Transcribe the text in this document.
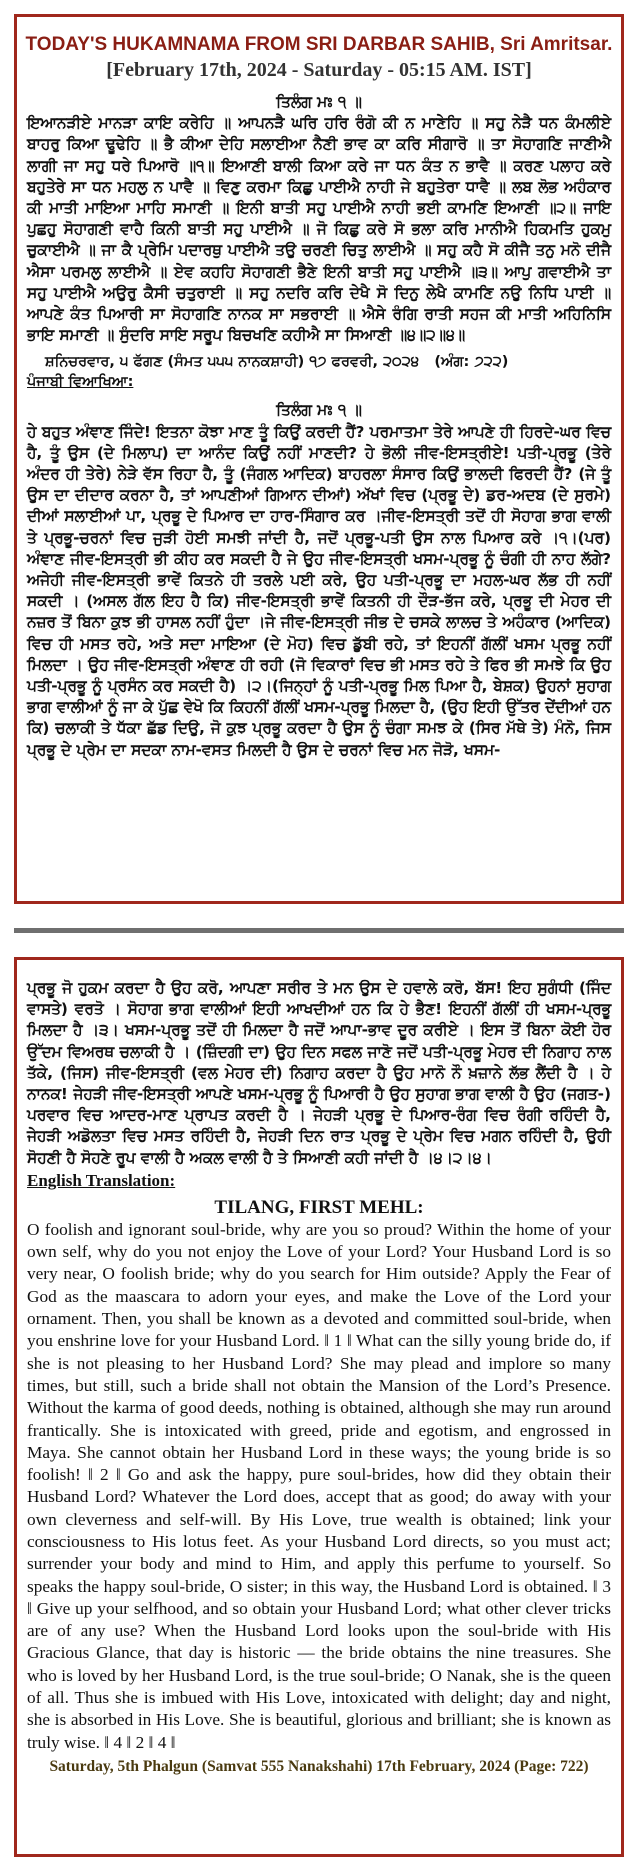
TODAY'S HUKAMNAMA FROM SRI DARBAR SAHIB, Sri Amritsar.
[February 17th, 2024 - Saturday - 05:15 AM. IST]
ਤਿਲੰਗ ਮਃ ੧ ॥
ਇਆਨੜੀਏ ਮਾਨੜਾ ਕਾਇ ਕਰੇਹਿ ॥ ਆਪਨੜੈ ਘਰਿ ਹਰਿ ਰੰਗੋ ਕੀ ਨ ਮਾਣੇਹਿ ॥ ਸਹੁ ਨੇੜੈ ਧਨ ਕੰਮਲੀਏ ਬਾਹਰੁ ਕਿਆ ਢੂਢੇਹਿ ॥ ਭੈ ਕੀਆ ਦੇਹਿ ਸਲਾਈਆ ਨੈਣੀ ਭਾਵ ਕਾ ਕਰਿ ਸੀਗਾਰੋ ॥ ਤਾ ਸੋਹਾਗਣਿ ਜਾਣੀਐ ਲਾਗੀ ਜਾ ਸਹੁ ਧਰੇ ਪਿਆਰੋ ॥੧॥ ਇਆਣੀ ਬਾਲੀ ਕਿਆ ਕਰੇ ਜਾ ਧਨ ਕੰਤ ਨ ਭਾਵੈ ॥ ਕਰਣ ਪਲਾਹ ਕਰੇ ਬਹੁਤੇਰੇ ਸਾ ਧਨ ਮਹਲੁ ਨ ਪਾਵੈ ॥ ਵਿਣੁ ਕਰਮਾ ਕਿਛੁ ਪਾਈਐ ਨਾਹੀ ਜੇ ਬਹੁਤੇਰਾ ਧਾਵੈ ॥ ਲਬ ਲੋਭ ਅਹੰਕਾਰ ਕੀ ਮਾਤੀ ਮਾਇਆ ਮਾਹਿ ਸਮਾਣੀ ॥ ਇਨੀ ਬਾਤੀ ਸਹੁ ਪਾਈਐ ਨਾਹੀ ਭਈ ਕਾਮਣਿ ਇਆਣੀ ॥੨॥ ਜਾਇ ਪੁਛਹੁ ਸੋਹਾਗਣੀ ਵਾਹੈ ਕਿਨੀ ਬਾਤੀ ਸਹੁ ਪਾਈਐ ॥ ਜੋ ਕਿਛੁ ਕਰੇ ਸੋ ਭਲਾ ਕਰਿ ਮਾਨੀਐ ਹਿਕਮਤਿ ਹੁਕਮੁ ਚੁਕਾਈਐ ॥ ਜਾ ਕੈ ਪ੍ਰੇਮਿ ਪਦਾਰਥੁ ਪਾਈਐ ਤਉ ਚਰਣੀ ਚਿਤੁ ਲਾਈਐ ॥ ਸਹੁ ਕਹੈ ਸੋ ਕੀਜੈ ਤਨੁ ਮਨੋ ਦੀਜੈ ਐਸਾ ਪਰਮਲੁ ਲਾਈਐ ॥ ਏਵ ਕਹਹਿ ਸੋਹਾਗਣੀ ਭੈਣੇ ਇਨੀ ਬਾਤੀ ਸਹੁ ਪਾਈਐ ॥੩॥ ਆਪੁ ਗਵਾਈਐ ਤਾ ਸਹੁ ਪਾਈਐ ਅਉਰੁ ਕੈਸੀ ਚਤੁਰਾਈ ॥ ਸਹੁ ਨਦਰਿ ਕਰਿ ਦੇਖੈ ਸੋ ਦਿਨੁ ਲੇਖੈ ਕਾਮਣਿ ਨਉ ਨਿਧਿ ਪਾਈ ॥ ਆਪਣੇ ਕੰਤ ਪਿਆਰੀ ਸਾ ਸੋਹਾਗਣਿ ਨਾਨਕ ਸਾ ਸਭਰਾਈ ॥ ਐਸੇ ਰੰਗਿ ਰਾਤੀ ਸਹਜ ਕੀ ਮਾਤੀ ਅਹਿਨਿਸਿ ਭਾਇ ਸਮਾਣੀ ॥ ਸੁੰਦਰਿ ਸਾਇ ਸਰੂਪ ਬਿਚਖਣਿ ਕਹੀਐ ਸਾ ਸਿਆਣੀ ॥੪॥੨॥੪॥
ਸ਼ਨਿਚਰਵਾਰ, ੫ ਫੱਗਣ (ਸੰਮਤ ੫੫੫ ਨਾਨਕਸ਼ਾਹੀ) ੧੭ ਫਰਵਰੀ, ੨੦੨੪ (ਅੰਗ: ੭੨੨)
ਪੰਜਾਬੀ ਵਿਆਖਿਆ:
ਤਿਲੰਗ ਮਃ ੧ ॥
ਹੇ ਬਹੁਤ ਅੰਞਾਣ ਜਿੰਦੇ! ਇਤਨਾ ਕੋਝਾ ਮਾਣ ਤੂੰ ਕਿਉਂ ਕਰਦੀ ਹੈਂ? ਪਰਮਾਤਮਾ ਤੇਰੇ ਆਪਣੇ ਹੀ ਹਿਰਦੇ-ਘਰ ਵਿਚ ਹੈ, ਤੂੰ ਉਸ (ਦੇ ਮਿਲਾਪ) ਦਾ ਆਨੰਦ ਕਿਉਂ ਨਹੀਂ ਮਾਣਦੀ? ਹੇ ਭੋਲੀ ਜੀਵ-ਇਸਤ੍ਰੀਏ! ਪਤੀ-ਪ੍ਰਭੂ (ਤੇਰੇ ਅੰਦਰ ਹੀ ਤੇਰੇ) ਨੇੜੇ ਵੱਸ ਰਿਹਾ ਹੈ, ਤੂੰ (ਜੰਗਲ ਆਦਿਕ) ਬਾਹਰਲਾ ਸੰਸਾਰ ਕਿਉਂ ਭਾਲਦੀ ਫਿਰਦੀ ਹੈਂ? (ਜੇ ਤੂੰ ਉਸ ਦਾ ਦੀਦਾਰ ਕਰਨਾ ਹੈ, ਤਾਂ ਆਪਣੀਆਂ ਗਿਆਨ ਦੀਆਂ) ਅੱਖਾਂ ਵਿਚ (ਪ੍ਰਭੂ ਦੇ) ਡਰ-ਅਦਬ (ਦੇ ਸੁਰਮੇ) ਦੀਆਂ ਸਲਾਈਆਂ ਪਾ, ਪ੍ਰਭੂ ਦੇ ਪਿਆਰ ਦਾ ਹਾਰ-ਸਿੰਗਾਰ ਕਰ ।ਜੀਵ-ਇਸਤ੍ਰੀ ਤਦੋਂ ਹੀ ਸੋਹਾਗ ਭਾਗ ਵਾਲੀ ਤੇ ਪ੍ਰਭੂ-ਚਰਨਾਂ ਵਿਚ ਜੁੜੀ ਹੋਈ ਸਮਝੀ ਜਾਂਦੀ ਹੈ, ਜਦੋਂ ਪ੍ਰਭੂ-ਪਤੀ ਉਸ ਨਾਲ ਪਿਆਰ ਕਰੇ ।੧।(ਪਰ) ਅੰਞਾਣ ਜੀਵ-ਇਸਤ੍ਰੀ ਭੀ ਕੀਹ ਕਰ ਸਕਦੀ ਹੈ ਜੇ ਉਹ ਜੀਵ-ਇਸਤ੍ਰੀ ਖਸਮ-ਪ੍ਰਭੂ ਨੂੰ ਚੰਗੀ ਹੀ ਨਾਹ ਲੱਗੇ? ਅਜੇਹੀ ਜੀਵ-ਇਸਤ੍ਰੀ ਭਾਵੇਂ ਕਿਤਨੇ ਹੀ ਤਰਲੇ ਪਈ ਕਰੇ, ਉਹ ਪਤੀ-ਪ੍ਰਭੂ ਦਾ ਮਹਲ-ਘਰ ਲੱਭ ਹੀ ਨਹੀਂ ਸਕਦੀ । (ਅਸਲ ਗੱਲ ਇਹ ਹੈ ਕਿ) ਜੀਵ-ਇਸਤ੍ਰੀ ਭਾਵੇਂ ਕਿਤਨੀ ਹੀ ਦੌੜ-ਭੱਜ ਕਰੇ, ਪ੍ਰਭੂ ਦੀ ਮੇਹਰ ਦੀ ਨਜ਼ਰ ਤੋਂ ਬਿਨਾ ਕੁਝ ਭੀ ਹਾਸਲ ਨਹੀਂ ਹੁੰਦਾ ।ਜੇ ਜੀਵ-ਇਸਤ੍ਰੀ ਜੀਭ ਦੇ ਚਸਕੇ ਲਾਲਚ ਤੇ ਅਹੰਕਾਰ (ਆਦਿਕ) ਵਿਚ ਹੀ ਮਸਤ ਰਹੇ, ਅਤੇ ਸਦਾ ਮਾਇਆ (ਦੇ ਮੋਹ) ਵਿਚ ਡੁੱਬੀ ਰਹੇ, ਤਾਂ ਇਹਨੀਂ ਗੱਲੀਂ ਖਸਮ ਪ੍ਰਭੂ ਨਹੀਂ ਮਿਲਦਾ । ਉਹ ਜੀਵ-ਇਸਤ੍ਰੀ ਅੰਞਾਣ ਹੀ ਰਹੀ (ਜੋ ਵਿਕਾਰਾਂ ਵਿਚ ਭੀ ਮਸਤ ਰਹੇ ਤੇ ਫਿਰ ਭੀ ਸਮਝੇ ਕਿ ਉਹ ਪਤੀ-ਪ੍ਰਭੂ ਨੂੰ ਪ੍ਰਸੰਨ ਕਰ ਸਕਦੀ ਹੈ) ।੨।(ਜਿਨ੍ਹਾਂ ਨੂੰ ਪਤੀ-ਪ੍ਰਭੂ ਮਿਲ ਪਿਆ ਹੈ, ਬੇਸ਼ਕ) ਉਹਨਾਂ ਸੁਹਾਗ ਭਾਗ ਵਾਲੀਆਂ ਨੂੰ ਜਾ ਕੇ ਪੁੱਛ ਵੇਖੋ ਕਿ ਕਿਹਨੀਂ ਗੱਲੀਂ ਖਸਮ-ਪ੍ਰਭੂ ਮਿਲਦਾ ਹੈ, (ਉਹ ਇਹੀ ਉੱਤਰ ਦੇਂਦੀਆਂ ਹਨ ਕਿ) ਚਲਾਕੀ ਤੇ ਧੱਕਾ ਛੱਡ ਦਿਉ, ਜੋ ਕੁਝ ਪ੍ਰਭੂ ਕਰਦਾ ਹੈ ਉਸ ਨੂੰ ਚੰਗਾ ਸਮਝ ਕੇ (ਸਿਰ ਮੱਥੇ ਤੇ) ਮੰਨੋ, ਜਿਸ ਪ੍ਰਭੂ ਦੇ ਪ੍ਰੇਮ ਦਾ ਸਦਕਾ ਨਾਮ-ਵਸਤ ਮਿਲਦੀ ਹੈ ਉਸ ਦੇ ਚਰਨਾਂ ਵਿਚ ਮਨ ਜੋੜੋ, ਖਸਮ-
ਪ੍ਰਭੂ ਜੋ ਹੁਕਮ ਕਰਦਾ ਹੈ ਉਹ ਕਰੋ, ਆਪਣਾ ਸਰੀਰ ਤੇ ਮਨ ਉਸ ਦੇ ਹਵਾਲੇ ਕਰੋ, ਬੱਸ! ਇਹ ਸੁਗੰਧੀ (ਜਿੰਦ ਵਾਸਤੇ) ਵਰਤੋ । ਸੋਹਾਗ ਭਾਗ ਵਾਲੀਆਂ ਇਹੀ ਆਖਦੀਆਂ ਹਨ ਕਿ ਹੇ ਭੈਣ! ਇਹਨੀਂ ਗੱਲੀਂ ਹੀ ਖਸਮ-ਪ੍ਰਭੂ ਮਿਲਦਾ ਹੈ ।੩। ਖਸਮ-ਪ੍ਰਭੂ ਤਦੋਂ ਹੀ ਮਿਲਦਾ ਹੈ ਜਦੋਂ ਆਪਾ-ਭਾਵ ਦੂਰ ਕਰੀਏ । ਇਸ ਤੋਂ ਬਿਨਾ ਕੋਈ ਹੋਰ ਉੱਦਮ ਵਿਅਰਥ ਚਲਾਕੀ ਹੈ । (ਜ਼ਿੰਦਗੀ ਦਾ) ਉਹ ਦਿਨ ਸਫਲ ਜਾਣੋ ਜਦੋਂ ਪਤੀ-ਪ੍ਰਭੂ ਮੇਹਰ ਦੀ ਨਿਗਾਹ ਨਾਲ ਤੱਕੇ, (ਜਿਸ) ਜੀਵ-ਇਸਤ੍ਰੀ (ਵਲ ਮੇਹਰ ਦੀ) ਨਿਗਾਹ ਕਰਦਾ ਹੈ ਉਹ ਮਾਨੋ ਨੌ ਖ਼ਜ਼ਾਨੇ ਲੱਭ ਲੈਂਦੀ ਹੈ । ਹੇ ਨਾਨਕ! ਜੇਹੜੀ ਜੀਵ-ਇਸਤ੍ਰੀ ਆਪਣੇ ਖਸਮ-ਪ੍ਰਭੂ ਨੂੰ ਪਿਆਰੀ ਹੈ ਉਹ ਸੁਹਾਗ ਭਾਗ ਵਾਲੀ ਹੈ ਉਹ (ਜਗਤ-) ਪਰਵਾਰ ਵਿਚ ਆਦਰ-ਮਾਣ ਪ੍ਰਾਪਤ ਕਰਦੀ ਹੈ । ਜੇਹੜੀ ਪ੍ਰਭੂ ਦੇ ਪਿਆਰ-ਰੰਗ ਵਿਚ ਰੰਗੀ ਰਹਿੰਦੀ ਹੈ, ਜੇਹੜੀ ਅਡੋਲਤਾ ਵਿਚ ਮਸਤ ਰਹਿੰਦੀ ਹੈ, ਜੇਹੜੀ ਦਿਨ ਰਾਤ ਪ੍ਰਭੂ ਦੇ ਪ੍ਰੇਮ ਵਿਚ ਮਗਨ ਰਹਿੰਦੀ ਹੈ, ਉਹੀ ਸੋਹਣੀ ਹੈ ਸੋਹਣੇ ਰੂਪ ਵਾਲੀ ਹੈ ਅਕਲ ਵਾਲੀ ਹੈ ਤੇ ਸਿਆਣੀ ਕਹੀ ਜਾਂਦੀ ਹੈ ।੪।੨।੪।
English Translation:
TILANG, FIRST MEHL:
O foolish and ignorant soul-bride, why are you so proud? Within the home of your own self, why do you not enjoy the Love of your Lord? Your Husband Lord is so very near, O foolish bride; why do you search for Him outside? Apply the Fear of God as the maascara to adorn your eyes, and make the Love of the Lord your ornament. Then, you shall be known as a devoted and committed soul-bride, when you enshrine love for your Husband Lord. ‖ 1 ‖ What can the silly young bride do, if she is not pleasing to her Husband Lord? She may plead and implore so many times, but still, such a bride shall not obtain the Mansion of the Lord’s Presence. Without the karma of good deeds, nothing is obtained, although she may run around frantically. She is intoxicated with greed, pride and egotism, and engrossed in Maya. She cannot obtain her Husband Lord in these ways; the young bride is so foolish! ‖ 2 ‖ Go and ask the happy, pure soul-brides, how did they obtain their Husband Lord? Whatever the Lord does, accept that as good; do away with your own cleverness and self-will. By His Love, true wealth is obtained; link your consciousness to His lotus feet. As your Husband Lord directs, so you must act; surrender your body and mind to Him, and apply this perfume to yourself. So speaks the happy soul-bride, O sister; in this way, the Husband Lord is obtained. ‖ 3 ‖ Give up your selfhood, and so obtain your Husband Lord; what other clever tricks are of any use? When the Husband Lord looks upon the soul-bride with His Gracious Glance, that day is historic — the bride obtains the nine treasures. She who is loved by her Husband Lord, is the true soul-bride; O Nanak, she is the queen of all. Thus she is imbued with His Love, intoxicated with delight; day and night, she is absorbed in His Love. She is beautiful, glorious and brilliant; she is known as truly wise. ‖ 4 ‖ 2 ‖ 4 ‖
Saturday, 5th Phalgun (Samvat 555 Nanakshahi) 17th February, 2024 (Page: 722)
